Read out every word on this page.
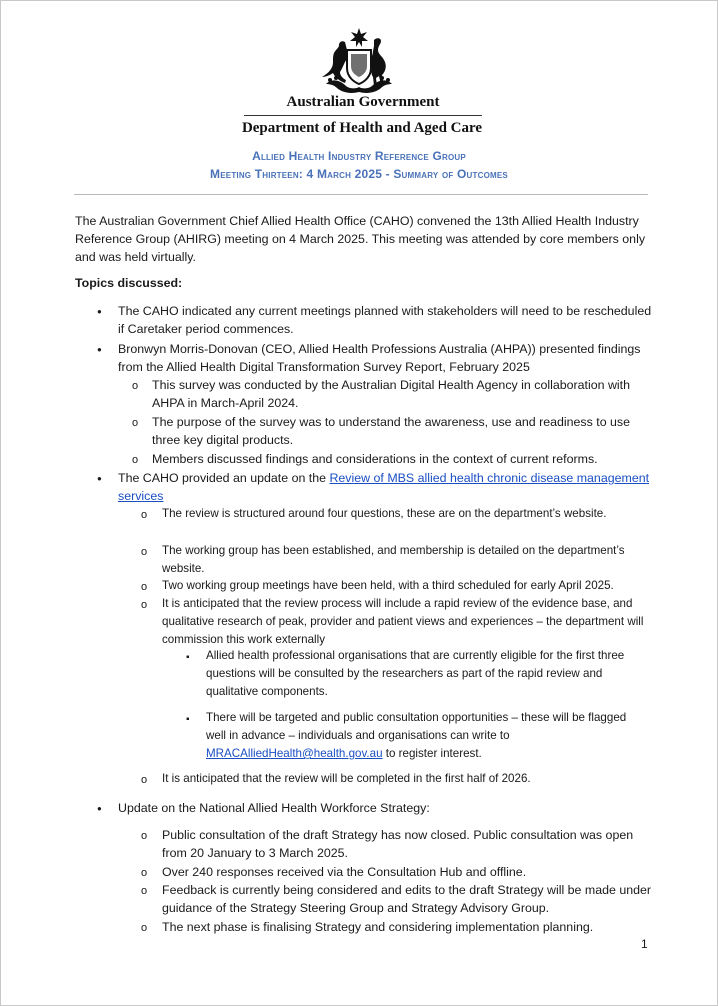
Australian Government
Department of Health and Aged Care
Allied Health Industry Reference Group
Meeting Thirteen: 4 March 2025 - Summary of Outcomes
The Australian Government Chief Allied Health Office (CAHO) convened the 13th Allied Health Industry Reference Group (AHIRG) meeting on 4 March 2025. This meeting was attended by core members only and was held virtually.
Topics discussed:
●
The CAHO indicated any current meetings planned with stakeholders will need to be rescheduled if Caretaker period commences.
●
Bronwyn Morris-Donovan (CEO, Allied Health Professions Australia (AHPA)) presented findings from the Allied Health Digital Transformation Survey Report, February 2025
o
This survey was conducted by the Australian Digital Health Agency in collaboration with AHPA in March-April 2024.
o
The purpose of the survey was to understand the awareness, use and readiness to use three key digital products.
o
Members discussed findings and considerations in the context of current reforms.
●
The CAHO provided an update on the Review of MBS allied health chronic disease management services
o
The review is structured around four questions, these are on the department’s website.
o
The working group has been established, and membership is detailed on the department’s website.
o
Two working group meetings have been held, with a third scheduled for early April 2025.
o
It is anticipated that the review process will include a rapid review of the evidence base, and qualitative research of peak, provider and patient views and experiences – the department will commission this work externally
▪
Allied health professional organisations that are currently eligible for the first three questions will be consulted by the researchers as part of the rapid review and qualitative components.
▪
There will be targeted and public consultation opportunities – these will be flagged well in advance – individuals and organisations can write to MRACAlliedHealth@health.gov.au to register interest.
o
It is anticipated that the review will be completed in the first half of 2026.
●
Update on the National Allied Health Workforce Strategy:
o
Public consultation of the draft Strategy has now closed. Public consultation was open from 20 January to 3 March 2025.
o
Over 240 responses received via the Consultation Hub and offline.
o
Feedback is currently being considered and edits to the draft Strategy will be made under guidance of the Strategy Steering Group and Strategy Advisory Group.
o
The next phase is finalising Strategy and considering implementation planning.
1
